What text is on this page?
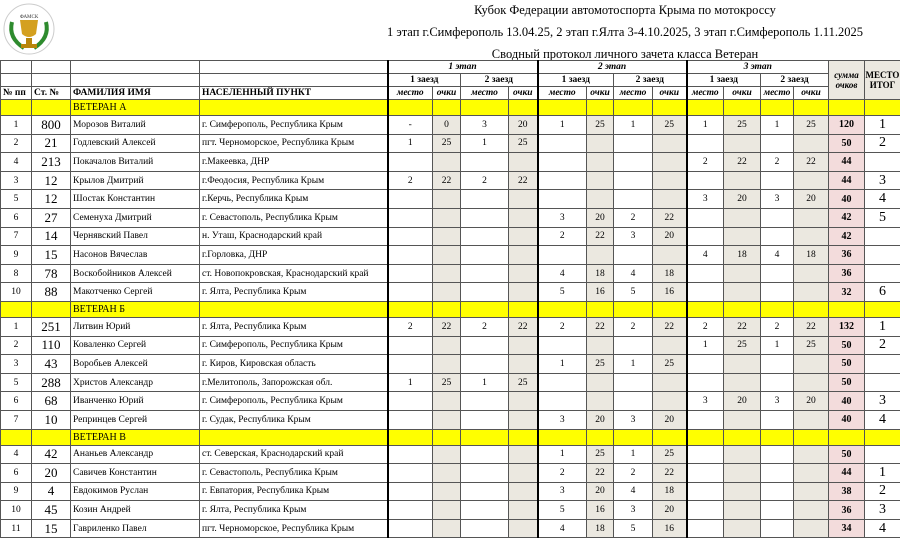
ФАМСК
Кубок Федерации автомотоспорта Крыма по мотокроссу
1 этап г.Симферополь 13.04.25, 2 этап г.Ялта 3-4.10.2025, 3 этап г.Симферополь 1.11.2025
Сводный протокол личного зачета класса Ветеран
				1 этап				2 этап				3 этап				сумма очков	МЕСТО ИТОГ
				1 заезд		2 заезд		1 заезд		2 заезд		1 заезд		2 заезд			
№ пп	Ст. №	ФАМИЛИЯ ИМЯ	НАСЕЛЕННЫЙ ПУНКТ	место	очки	место	очки	место	очки	место	очки	место	очки	место	очки		
		ВЕТЕРАН А															
1	800	Морозов Виталий	г. Симферополь, Республика Крым	-	0	3	20	1	25	1	25	1	25	1	25	120	1
2	21	Годлевский Алексей	пгт. Черноморское, Республика Крым	1	25	1	25									50	2
4	213	Покачалов Виталий	г.Макеевка, ДНР									2	22	2	22	44	
3	12	Крылов Дмитрий	г.Феодосия, Республика Крым	2	22	2	22									44	3
5	12	Шостак Константин	г.Керчь, Республика Крым									3	20	3	20	40	4
6	27	Семенуха Дмитрий	г. Севастополь, Республика Крым					3	20	2	22					42	5
7	14	Чернявский Павел	н. Уташ, Краснодарский край					2	22	3	20					42	
9	15	Насонов Вячеслав	г.Горловка, ДНР									4	18	4	18	36	
8	78	Воскобойников Алексей	ст. Новопокровская, Краснодарский край					4	18	4	18					36	
10	88	Макотченко Сергей	г. Ялта, Республика Крым					5	16	5	16					32	6
		ВЕТЕРАН Б															
1	251	Литвин Юрий	г. Ялта, Республика Крым	2	22	2	22	2	22	2	22	2	22	2	22	132	1
2	110	Коваленко Сергей	г. Симферополь, Республика Крым									1	25	1	25	50	2
3	43	Воробьев Алексей	г. Киров, Кировская область					1	25	1	25					50	
5	288	Христов Александр	г.Мелитополь, Запорожская обл.	1	25	1	25									50	
6	68	Иванченко Юрий	г. Симферополь, Республика Крым									3	20	3	20	40	3
7	10	Репринцев Сергей	г. Судак, Республика Крым					3	20	3	20					40	4
		ВЕТЕРАН В															
4	42	Ананьев Александр	ст. Северская, Краснодарский край					1	25	1	25					50	
6	20	Савичев Константин	г. Севастополь, Республика Крым					2	22	2	22					44	1
9	4	Евдокимов Руслан	г. Евпатория, Республика Крым					3	20	4	18					38	2
10	45	Козин Андрей	г. Ялта, Республика Крым					5	16	3	20					36	3
11	15	Гавриленко Павел	пгт. Черноморское, Республика Крым					4	18	5	16					34	4
